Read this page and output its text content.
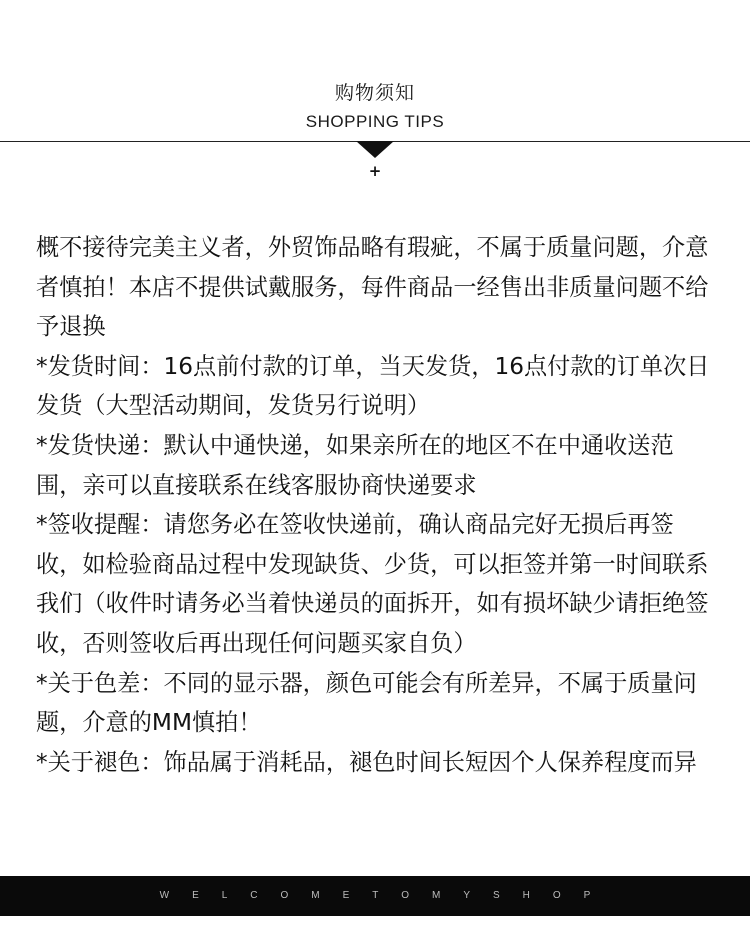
购物须知
SHOPPING TIPS
+
概不接待完美主义者，外贸饰品略有瑕疵，不属于质量问题，介意者慎拍！本店不提供试戴服务，每件商品一经售出非质量问题不给予退换
*发货时间：16点前付款的订单，当天发货，16点付款的订单次日发货（大型活动期间，发货另行说明）
*发货快递：默认中通快递，如果亲所在的地区不在中通收送范围，亲可以直接联系在线客服协商快递要求
*签收提醒：请您务必在签收快递前，确认商品完好无损后再签收，如检验商品过程中发现缺货、少货，可以拒签并第一时间联系我们（收件时请务必当着快递员的面拆开，如有损坏缺少请拒绝签收，否则签收后再出现任何问题买家自负）
*关于色差：不同的显示器，颜色可能会有所差异，不属于质量问题，介意的MM慎拍！
*关于褪色：饰品属于消耗品，褪色时间长短因个人保养程度而异
WELCOMETOMYSHOP
